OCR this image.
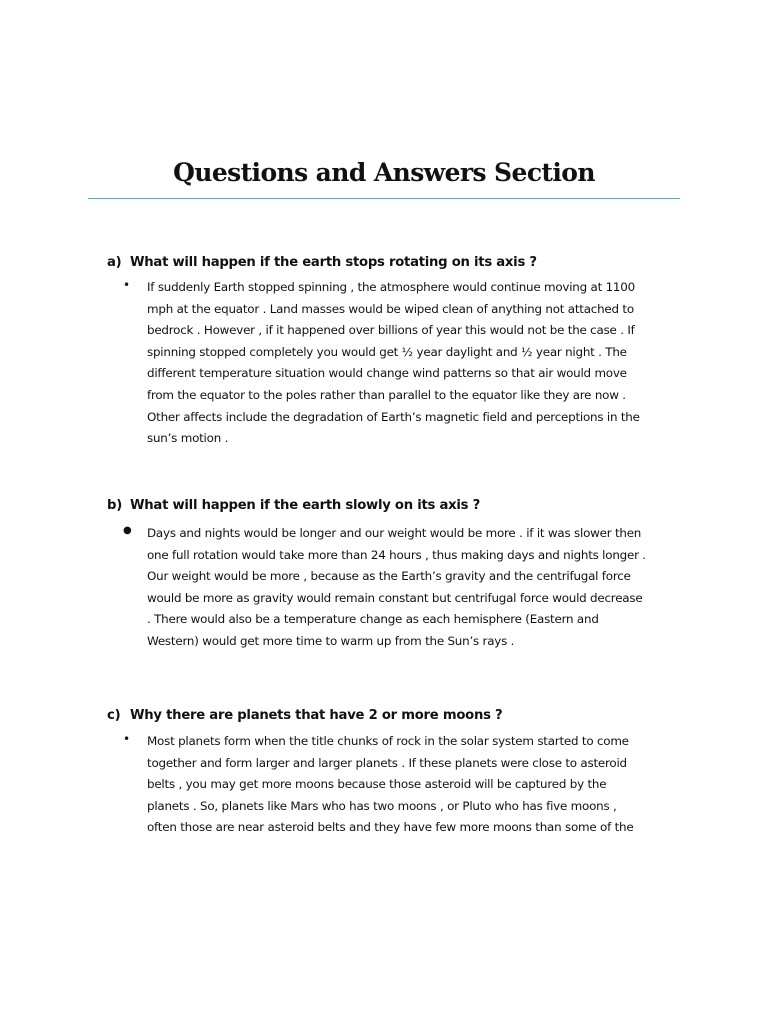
Questions and Answers Section
a) What will happen if the earth stops rotating on its axis ?
• If suddenly Earth stopped spinning , the atmosphere would continue moving at 1100
mph at the equator . Land masses would be wiped clean of anything not attached to
bedrock . However , if it happened over billions of year this would not be the case . If
spinning stopped completely you would get ½ year daylight and ½ year night . The
different temperature situation would change wind patterns so that air would move
from the equator to the poles rather than parallel to the equator like they are now .
Other affects include the degradation of Earth’s magnetic field and perceptions in the
sun’s motion .
b) What will happen if the earth slowly on its axis ?
● Days and nights would be longer and our weight would be more . if it was slower then
one full rotation would take more than 24 hours , thus making days and nights longer .
Our weight would be more , because as the Earth’s gravity and the centrifugal force
would be more as gravity would remain constant but centrifugal force would decrease
. There would also be a temperature change as each hemisphere (Eastern and
Western) would get more time to warm up from the Sun’s rays .
c) Why there are planets that have 2 or more moons ?
• Most planets form when the title chunks of rock in the solar system started to come
together and form larger and larger planets . If these planets were close to asteroid
belts , you may get more moons because those asteroid will be captured by the
planets . So, planets like Mars who has two moons , or Pluto who has five moons ,
often those are near asteroid belts and they have few more moons than some of the
